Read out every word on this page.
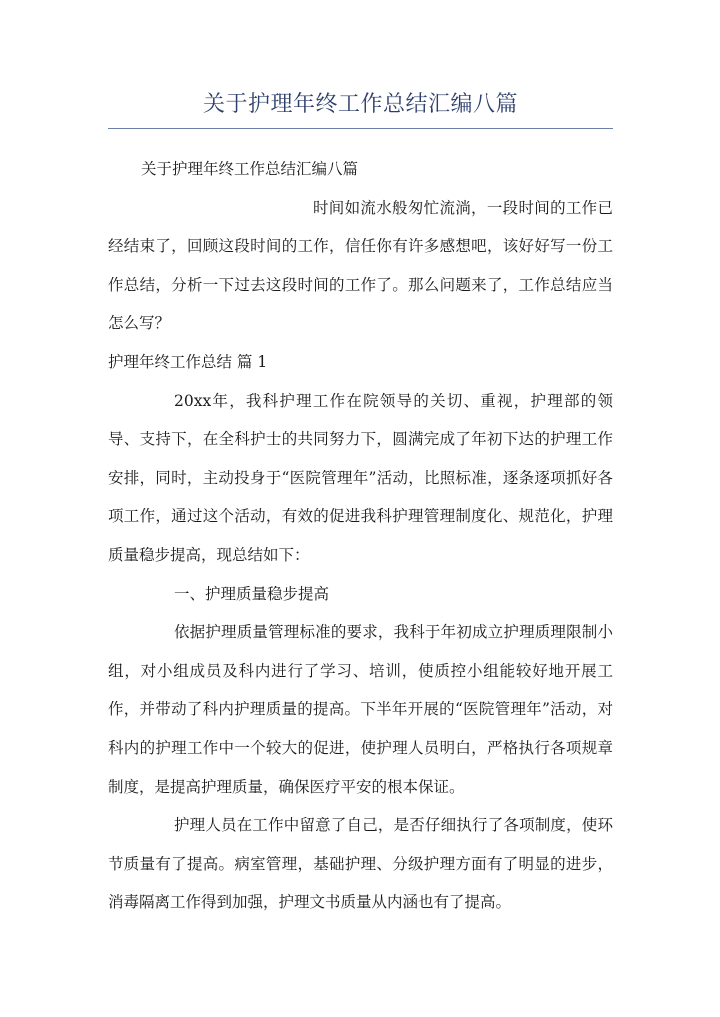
关于护理年终工作总结汇编八篇

关于护理年终工作总结汇编八篇

时间如流水般匆忙流淌，一段时间的工作已经结束了，回顾这段时间的工作，信任你有许多感想吧，该好好写一份工作总结，分析一下过去这段时间的工作了。那么问题来了，工作总结应当怎么写？

护理年终工作总结 篇 1

20xx年，我科护理工作在院领导的关切、重视，护理部的领导、支持下，在全科护士的共同努力下，圆满完成了年初下达的护理工作安排，同时，主动投身于“医院管理年”活动，比照标准，逐条逐项抓好各项工作，通过这个活动，有效的促进我科护理管理制度化、规范化，护理质量稳步提高，现总结如下：

一、护理质量稳步提高

依据护理质量管理标准的要求，我科于年初成立护理质理限制小组，对小组成员及科内进行了学习、培训，使质控小组能较好地开展工作，并带动了科内护理质量的提高。下半年开展的“医院管理年”活动，对科内的护理工作中一个较大的促进，使护理人员明白，严格执行各项规章制度，是提高护理质量，确保医疗平安的根本保证。

护理人员在工作中留意了自己，是否仔细执行了各项制度，使环节质量有了提高。病室管理，基础护理、分级护理方面有了明显的进步，消毒隔离工作得到加强，护理文书质量从内涵也有了提高。
